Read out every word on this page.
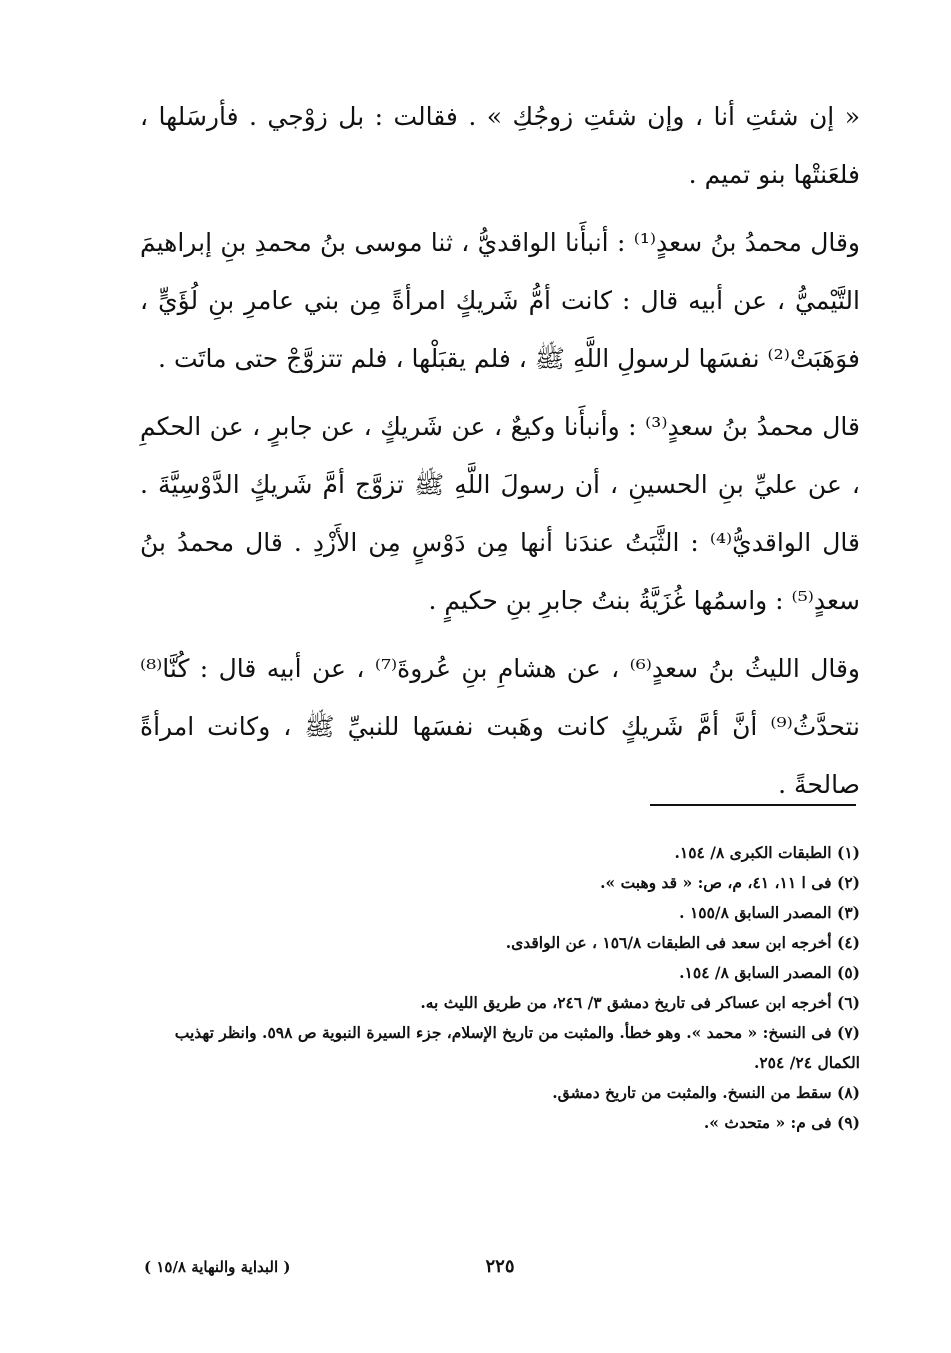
« إن شئتِ أنا ، وإن شئتِ زوجُكِ » . فقالت : بل زوْجي . فأرسَلها ، فلعَنتْها بنو تميم .

وقال محمدُ بنُ سعدٍ⁽¹⁾ : أنبأَنا الواقديُّ ، ثنا موسى بنُ محمدِ بنِ إبراهيمَ التَّيْميُّ ، عن أبيه قال : كانت أمُّ شَريكٍ امرأةً مِن بني عامرِ بنِ لُؤَيٍّ ، فوَهَبَتْ⁽²⁾ نفسَها لرسولِ اللَّهِ ﷺ ، فلم يقبَلْها ، فلم تتزوَّجْ حتى ماتَت .

قال محمدُ بنُ سعدٍ⁽³⁾ : وأنبأَنا وكيعٌ ، عن شَريكٍ ، عن جابرٍ ، عن الحكمِ ، عن عليِّ بنِ الحسينِ ، أن رسولَ اللَّهِ ﷺ تزوَّج أمَّ شَريكٍ الدَّوْسِيَّةَ . قال الواقديُّ⁽⁴⁾ : الثَّبَتُ عندَنا أنها مِن دَوْسٍ مِن الأَزْدِ . قال محمدُ بنُ سعدٍ⁽⁵⁾ : واسمُها غُزَيَّةُ بنتُ جابرِ بنِ حكيمٍ .

وقال الليثُ بنُ سعدٍ⁽⁶⁾ ، عن هشامِ بنِ عُروةَ⁽⁷⁾ ، عن أبيه قال : كُنَّا⁽⁸⁾ نتحدَّثُ⁽⁹⁾ أنَّ أمَّ شَريكٍ كانت وهَبت نفسَها للنبيِّ ﷺ ، وكانت امرأةً صالحةً .

(١) الطبقات الكبرى ٨/ ١٥٤.

(٢) فى ا ١١، ٤١، م، ص: « قد وهبت ».

(٣) المصدر السابق ١٥٥/٨ .

(٤) أخرجه ابن سعد فى الطبقات ١٥٦/٨ ، عن الواقدى.

(٥) المصدر السابق ٨/ ١٥٤.

(٦) أخرجه ابن عساكر فى تاريخ دمشق ٣/ ٢٤٦، من طريق الليث به.

(٧) فى النسخ: « محمد ». وهو خطأ. والمثبت من تاريخ الإسلام، جزء السيرة النبوية ص ٥٩٨. وانظر تهذيب الكمال ٢٤/ ٢٥٤.

(٨) سقط من النسخ. والمثبت من تاريخ دمشق.

(٩) فى م: « متحدث ».

٢٢٥
( البداية والنهاية ١٥/٨ )
